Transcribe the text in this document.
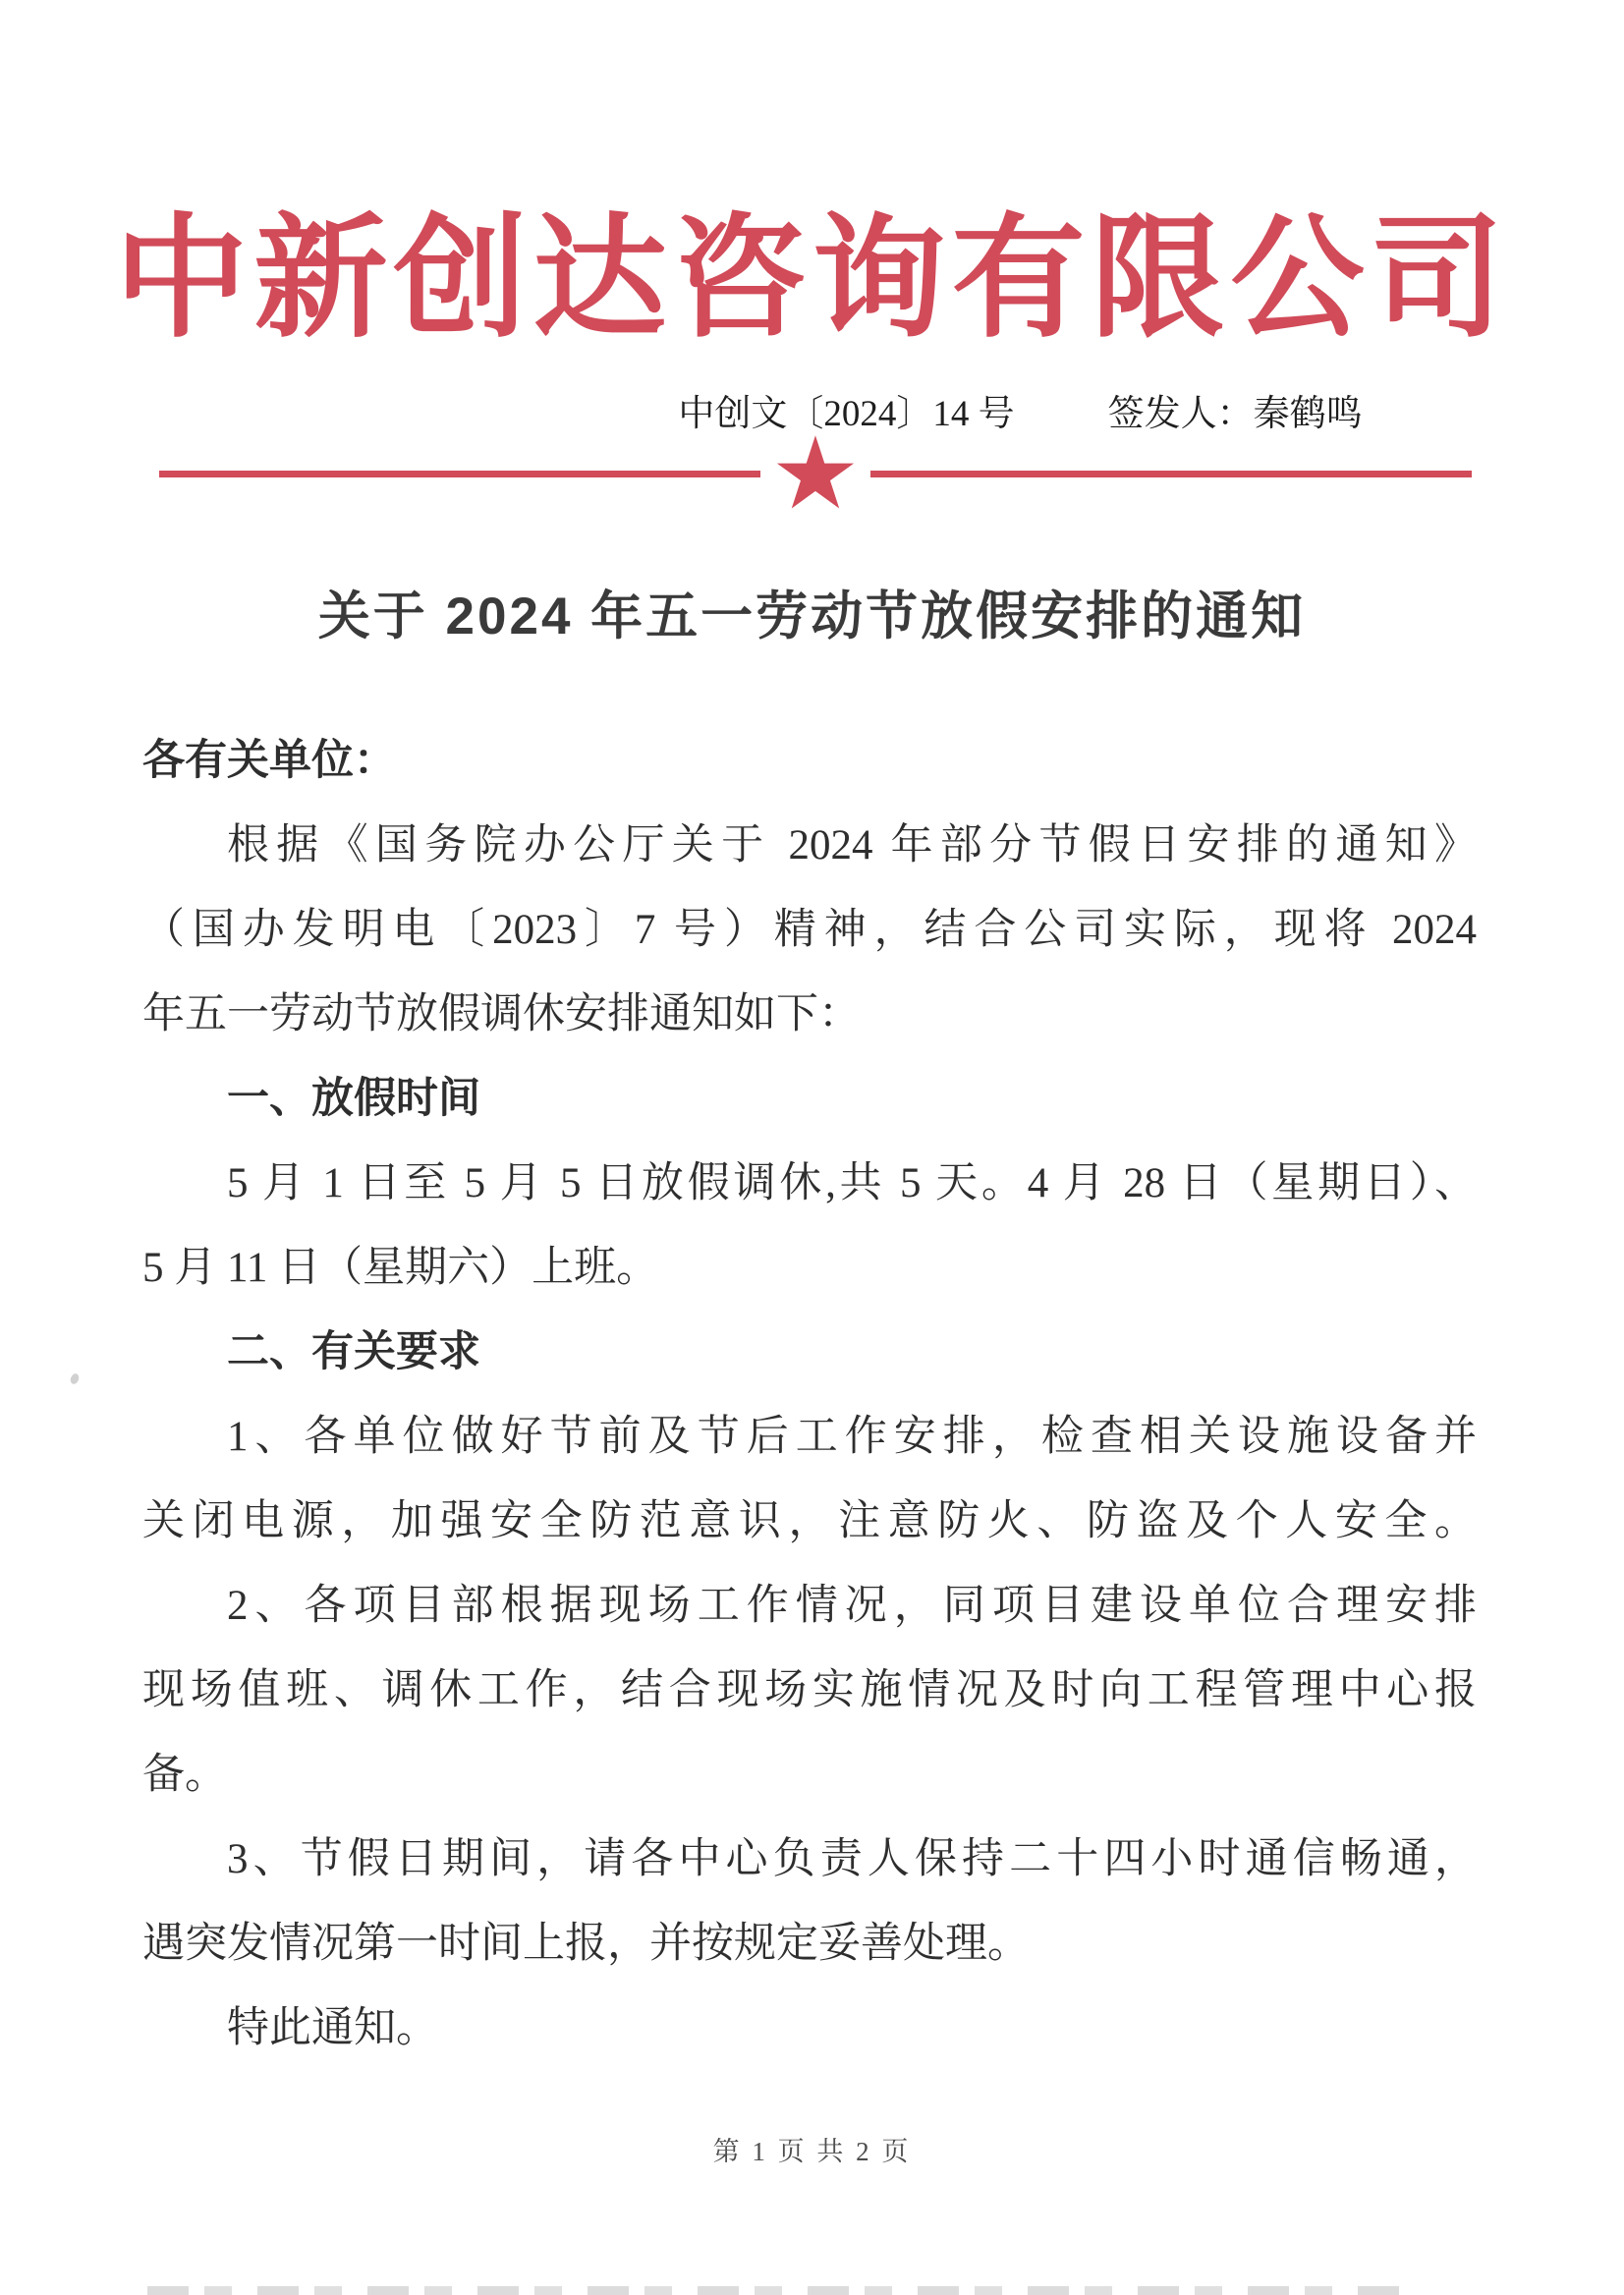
中新创达咨询有限公司
中创文〔2024〕14 号	签发人：秦鹤鸣
★
关于 2024 年五一劳动节放假安排的通知

各有关单位：

根据《国务院办公厅关于 2024 年部分节假日安排的通知》

（国办发明电〔2023〕7 号）精神，结合公司实际，现将 2024

年五一劳动节放假调休安排通知如下：

一、放假时间

5 月 1 日至 5 月 5 日放假调休,共 5 天。4 月 28 日（星期日）、

5 月 11 日（星期六）上班。

二、有关要求

1、各单位做好节前及节后工作安排，检查相关设施设备并

关闭电源，加强安全防范意识，注意防火、防盗及个人安全。

2、各项目部根据现场工作情况，同项目建设单位合理安排

现场值班、调休工作，结合现场实施情况及时向工程管理中心报

备。

3、节假日期间，请各中心负责人保持二十四小时通信畅通，

遇突发情况第一时间上报，并按规定妥善处理。

特此通知。

第 1 页 共 2 页
